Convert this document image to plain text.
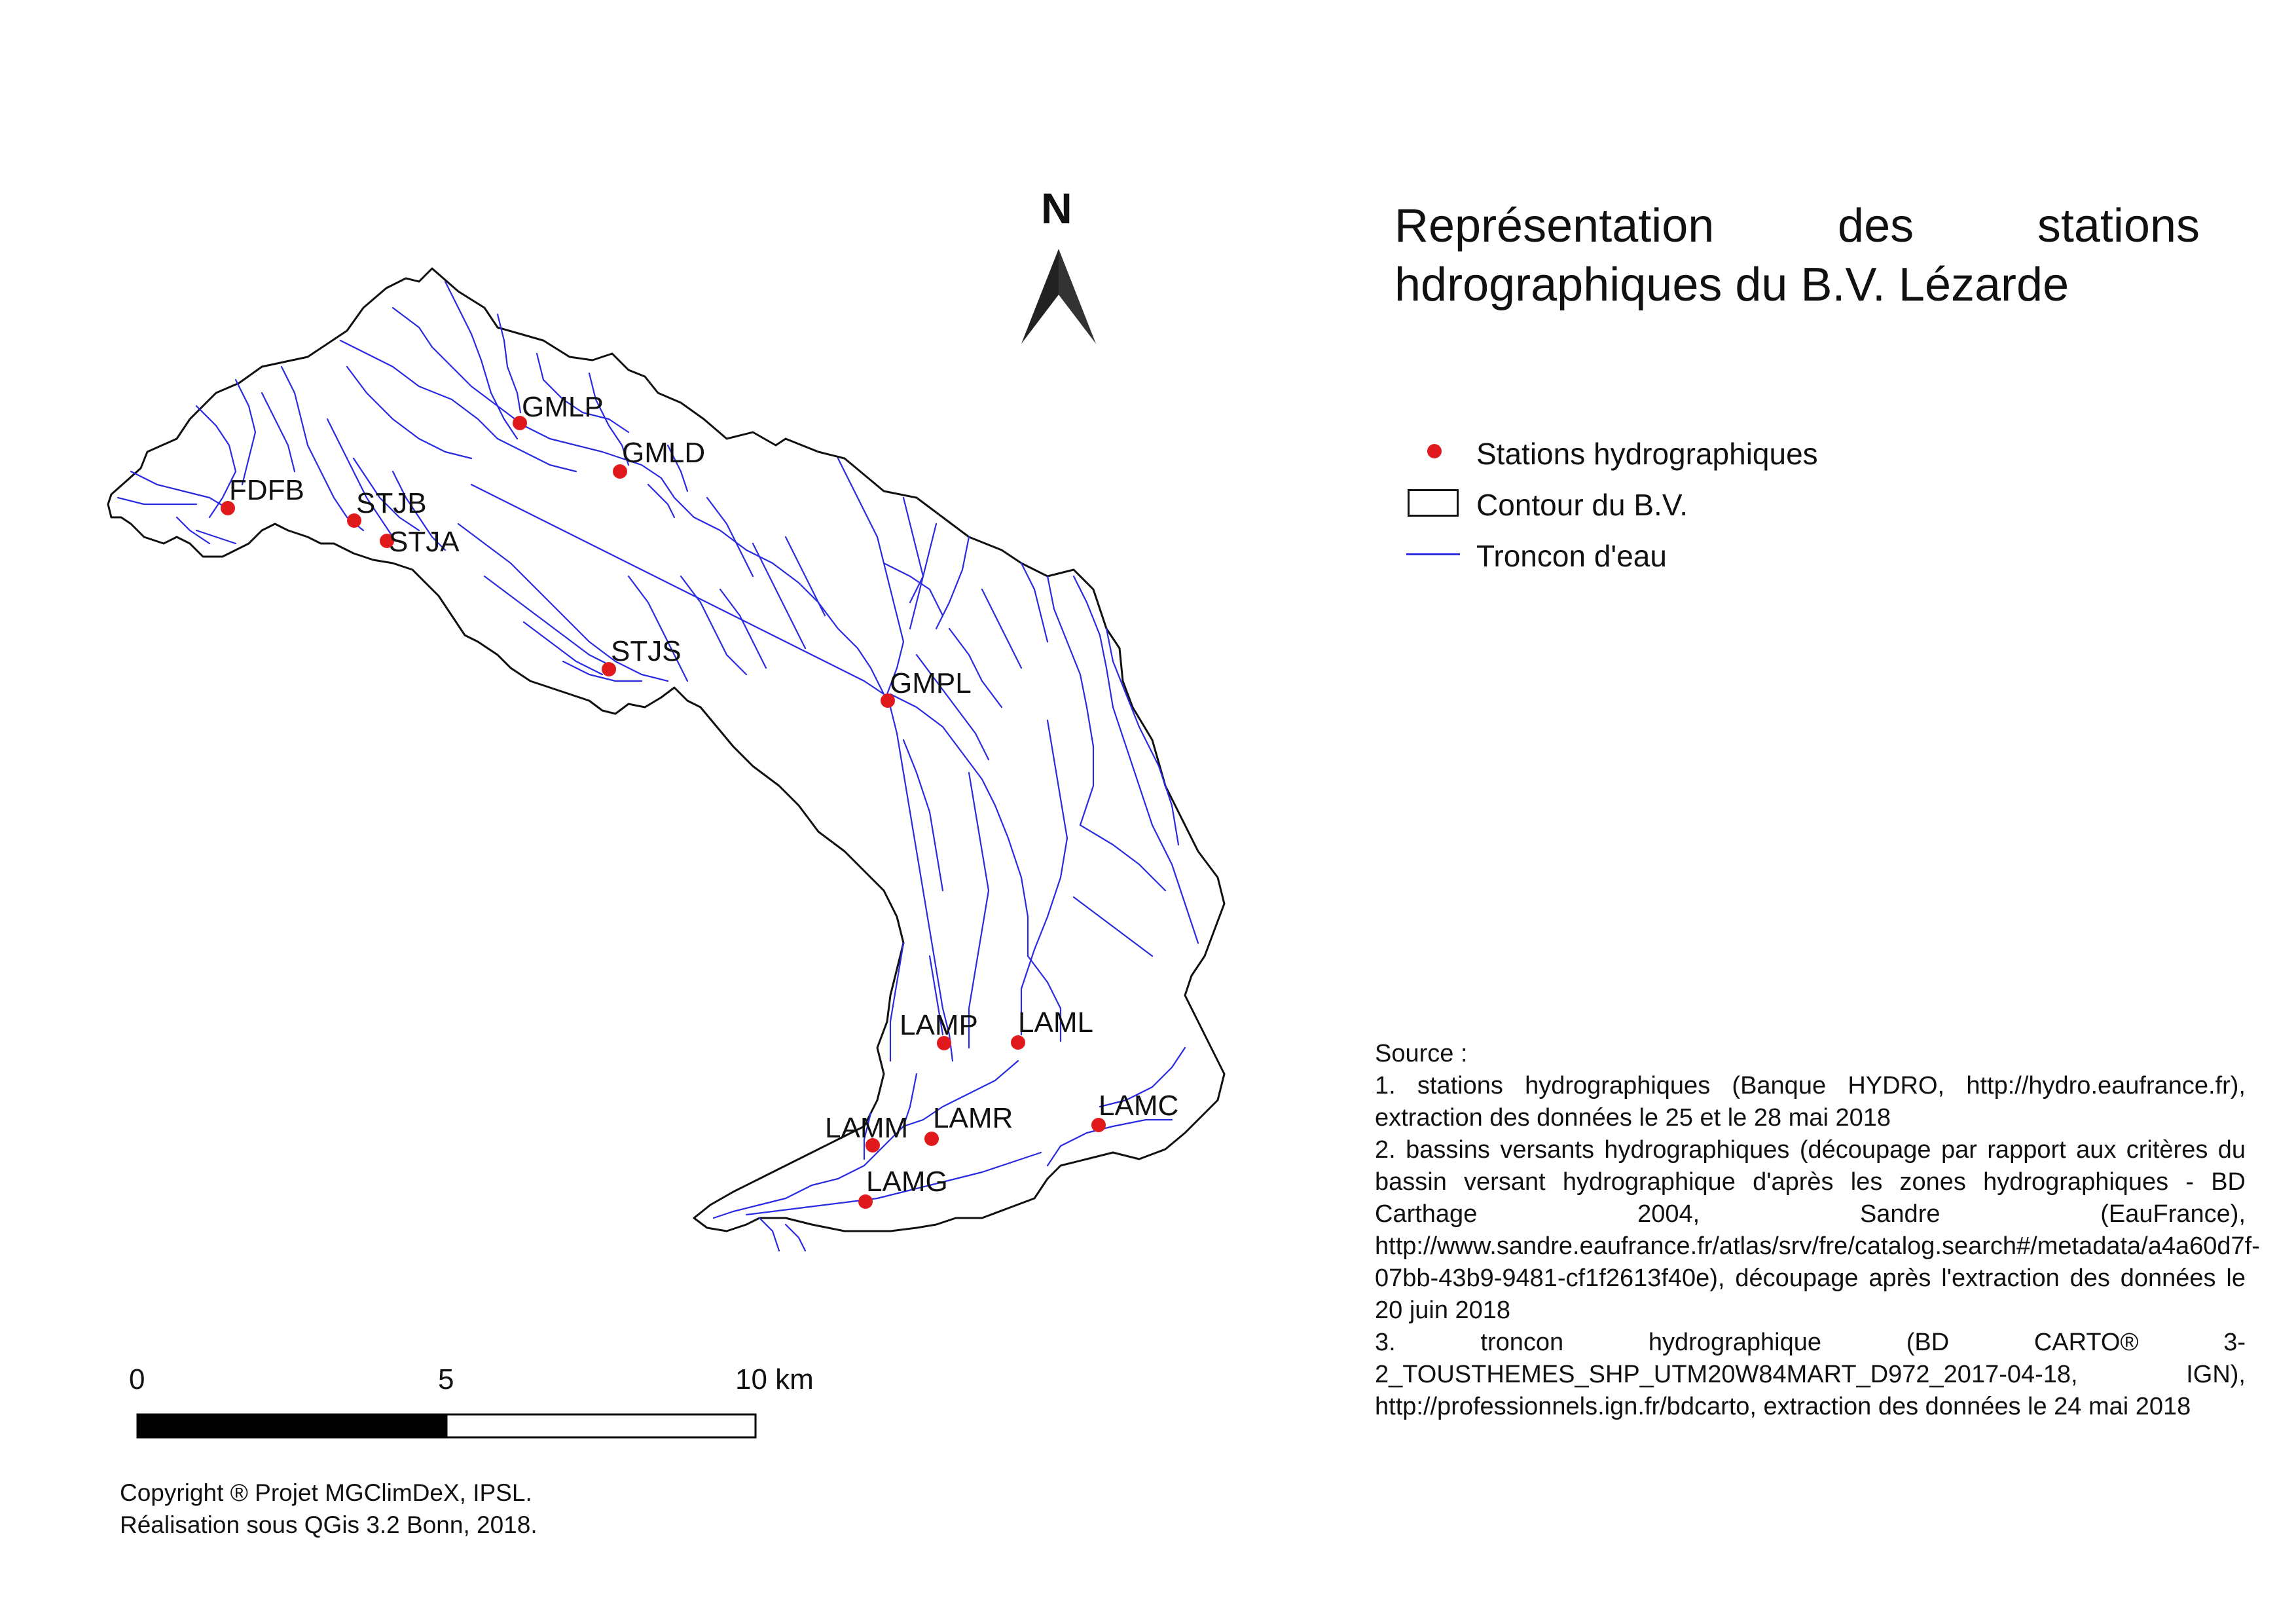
GMLP
GMLD
FDFB STJB
STJA
STJS
GMPL
LAMP LAML
LAMC
LAMR
LAMM
LAMG
N	Représentation des stations
hdrographiques du B.V. Lézarde
Stations hydrographiques
Contour du B.V.
Troncon d'eau

Source :

1. stations hydrographiques (Banque HYDRO, http://hydro.eaufrance.fr), extraction des données le 25 et le 28 mai 2018

2. bassins versants hydrographiques (découpage par rapport aux critères du bassin versant hydrographique d'après les zones hydrographiques - BD Carthage 2004, Sandre (EauFrance), http://www.sandre.eaufrance.fr/atlas/srv/fre/catalog.search#/metadata/a4a60d7f-07bb-43b9-9481-cf1f2613f40e), découpage après l'extraction des données le 20 juin 2018

3. troncon hydrographique (BD CARTO® 3-2_TOUSTHEMES_SHP_UTM20W84MART_D972_2017-04-18, IGN), http://professionnels.ign.fr/bdcarto, extraction des données le 24 mai 2018

0	5	10 km
Copyright ® Projet MGClimDeX, IPSL.
Réalisation sous QGis 3.2 Bonn, 2018.
